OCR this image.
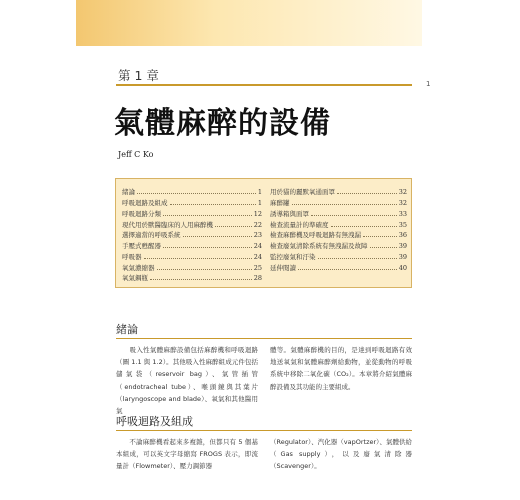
第 1 章
1
氣體麻醉的設備
Jeff C Ko
緒論	1
呼吸迴路及組成	1
呼吸迴路分類	12
現代用於獸醫臨床的人用麻醉機	22
選擇適當的呼吸系統	23
手壓式甦醒器	24
呼吸器	24
氧氣濃縮器	25
氧氣鋼瓶	28
用於貓的麗默氧通面罩	32
麻醉罐	32
誘導箱與面罩	33
檢查流量計的準確度	35
檢查麻醉機及呼吸迴路有無洩漏	36
檢查廢氣清除系統有無洩漏及故障	39
監控廢氣和汙染	39
延伸閱讀	40
緒論
　　吸入性氣體麻醉設備包括麻醉機和呼吸迴路（圖 1.1 與 1.2）。其他吸入性麻醉組成元件包括儲氣袋（reservoir bag）、氣管插管（endotracheal tube）、喉頭鏡與其葉片（laryngoscope and blade）、氧氣和其他醫用氣
體等。氣體麻醉機的目的，是達到呼吸迴路有效地送氧氣和氣體麻醉劑給動物，並從動物的呼吸系統中移除二氧化碳（CO₂）。本章將介紹氣體麻醉設備及其功能的主要組成。
呼吸迴路及組成
　　不論麻醉機看起來多複雜，但都只有 5 個基本組成，可以英文字母縮寫 FROGS 表示，即流量計（Flowmeter）、壓力調節器
（Regulator）、汽化器（vapOrtzer）、氣體供給（Gas supply），以及廢氣清除器（Scavenger）。
